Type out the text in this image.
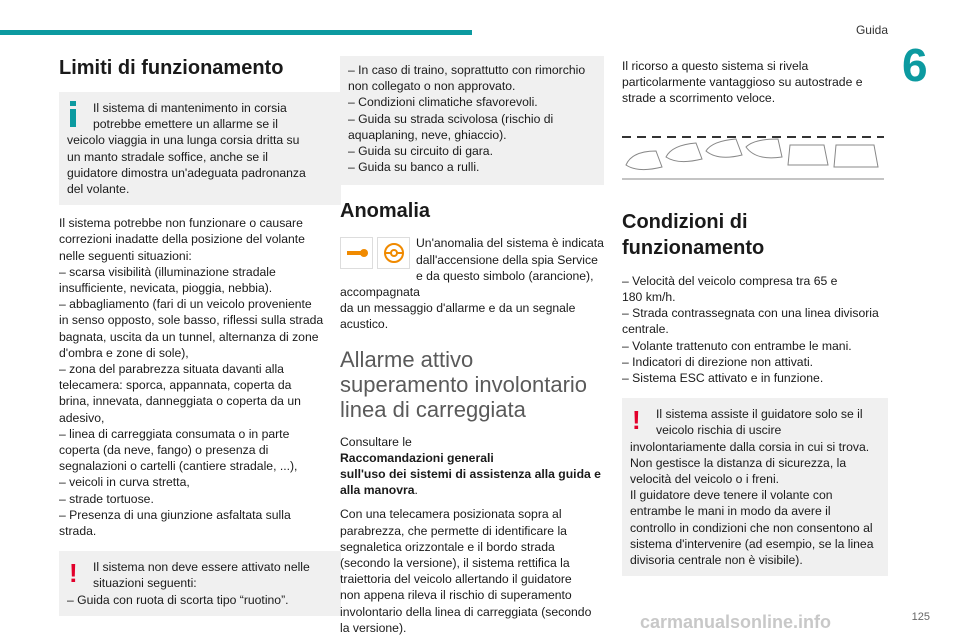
Guida
6
Limiti di funzionamento
Il sistema di mantenimento in corsia
potrebbe emettere un allarme se il
veicolo viaggia in una lunga corsia dritta su
un manto stradale soffice, anche se il
guidatore dimostra un'adeguata padronanza
del volante.
Il sistema potrebbe non funzionare o causare
correzioni inadatte della posizione del volante
nelle seguenti situazioni:
– scarsa visibilità (illuminazione stradale
insufficiente, nevicata, pioggia, nebbia).
– abbagliamento (fari di un veicolo proveniente
in senso opposto, sole basso, riflessi sulla strada
bagnata, uscita da un tunnel, alternanza di zone
d'ombra e zone di sole),
– zona del parabrezza situata davanti alla
telecamera: sporca, appannata, coperta da
brina, innevata, danneggiata o coperta da un
adesivo,
– linea di carreggiata consumata o in parte
coperta (da neve, fango) o presenza di
segnalazioni o cartelli (cantiere stradale, ...),
– veicoli in curva stretta,
– strade tortuose.
– Presenza di una giunzione asfaltata sulla
strada.
!	Il sistema non deve essere attivato nelle
situazioni seguenti:
– Guida con ruota di scorta tipo “ruotino”.
– In caso di traino, soprattutto con rimorchio
non collegato o non approvato.
– Condizioni climatiche sfavorevoli.
– Guida su strada scivolosa (rischio di
aquaplaning, neve, ghiaccio).
– Guida su circuito di gara.
– Guida su banco a rulli.
Anomalia
Un'anomalia del sistema è indicata
dall'accensione della spia Service
e da questo simbolo (arancione), accompagnata
da un messaggio d'allarme e da un segnale
acustico.
Allarme attivo
superamento involontario
linea di carreggiata

Consultare le
Raccomandazioni generali
sull'uso dei sistemi di assistenza alla guida e
alla manovra.

Con una telecamera posizionata sopra al
parabrezza, che permette di identificare la
segnaletica orizzontale e il bordo strada
(secondo la versione), il sistema rettifica la
traiettoria del veicolo allertando il guidatore
non appena rileva il rischio di superamento
involontario della linea di carreggiata (secondo
la versione).
Il ricorso a questo sistema si rivela
particolarmente vantaggioso su autostrade e
strade a scorrimento veloce.
Condizioni di
funzionamento
– Velocità del veicolo compresa tra 65 e
180 km/h.
– Strada contrassegnata con una linea divisoria
centrale.
– Volante trattenuto con entrambe le mani.
– Indicatori di direzione non attivati.
– Sistema ESC attivato e in funzione.
!	Il sistema assiste il guidatore solo se il
veicolo rischia di uscire
involontariamente dalla corsia in cui si trova.
Non gestisce la distanza di sicurezza, la
velocità del veicolo o i freni.
Il guidatore deve tenere il volante con
entrambe le mani in modo da avere il
controllo in condizioni che non consentono al
sistema d'intervenire (ad esempio, se la linea
divisoria centrale non è visibile).
carmanualsonline.info	125
